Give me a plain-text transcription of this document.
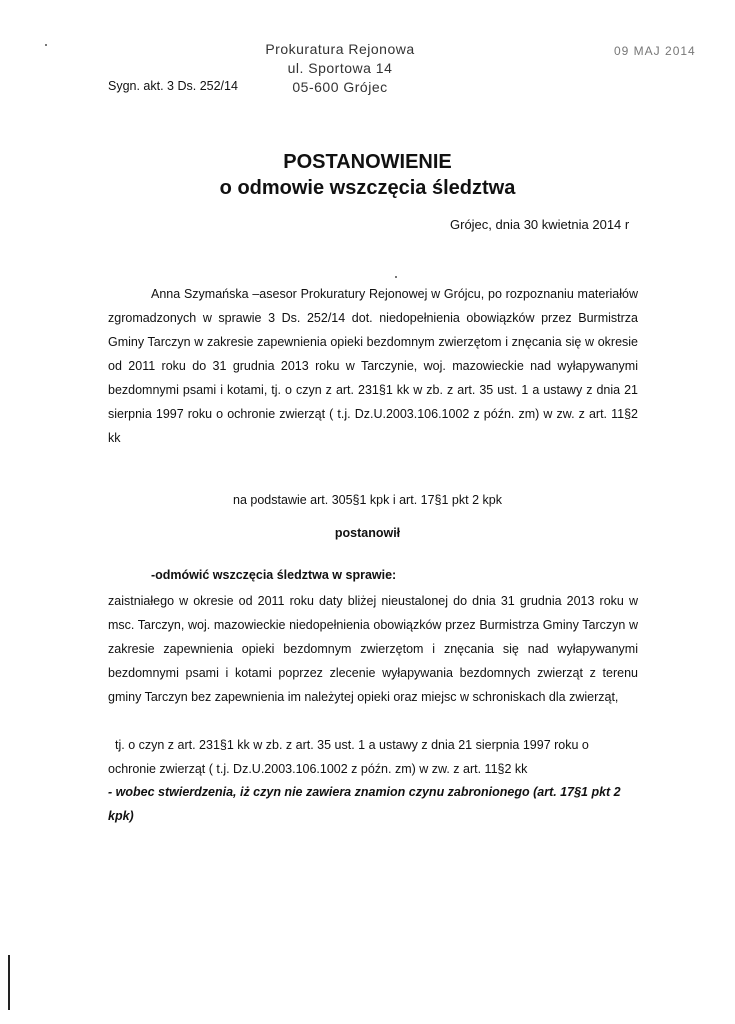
Prokuratura Rejonowa
ul. Sportowa 14
05-600 Grójec
09 MAJ 2014
Sygn. akt. 3 Ds. 252/14
POSTANOWIENIE
o odmowie wszczęcia śledztwa
Grójec, dnia 30 kwietnia 2014 r
Anna Szymańska –asesor Prokuratury Rejonowej w Grójcu, po rozpoznaniu materiałów zgromadzonych w sprawie 3 Ds. 252/14 dot. niedopełnienia obowiązków przez Burmistrza Gminy Tarczyn w zakresie zapewnienia opieki bezdomnym zwierzętom i znęcania się w okresie od 2011 roku do 31 grudnia 2013 roku w Tarczynie, woj. mazowieckie nad wyłapywanymi bezdomnymi psami i kotami, tj. o czyn z art. 231§1 kk w zb. z art. 35 ust. 1 a ustawy z dnia 21 sierpnia 1997 roku o ochronie zwierząt ( t.j. Dz.U.2003.106.1002 z późn. zm) w zw. z art. 11§2 kk
na podstawie art. 305§1 kpk i art. 17§1 pkt 2 kpk
postanowił
-odmówić wszczęcia śledztwa w sprawie:
zaistniałego w okresie od 2011 roku daty bliżej nieustalonej do dnia 31 grudnia 2013 roku w msc. Tarczyn, woj. mazowieckie niedopełnienia obowiązków przez Burmistrza Gminy Tarczyn w zakresie zapewnienia opieki bezdomnym zwierzętom i znęcania się nad wyłapywanymi bezdomnymi psami i kotami poprzez zlecenie wyłapywania bezdomnych zwierząt z terenu gminy Tarczyn bez zapewnienia im należytej opieki oraz miejsc w schroniskach dla zwierząt,
tj. o czyn z art. 231§1 kk w zb. z art. 35 ust. 1 a ustawy z dnia 21 sierpnia 1997 roku o ochronie zwierząt ( t.j. Dz.U.2003.106.1002 z późn. zm) w zw. z art. 11§2 kk
- wobec stwierdzenia, iż czyn nie zawiera znamion czynu zabronionego (art. 17§1 pkt 2 kpk)
